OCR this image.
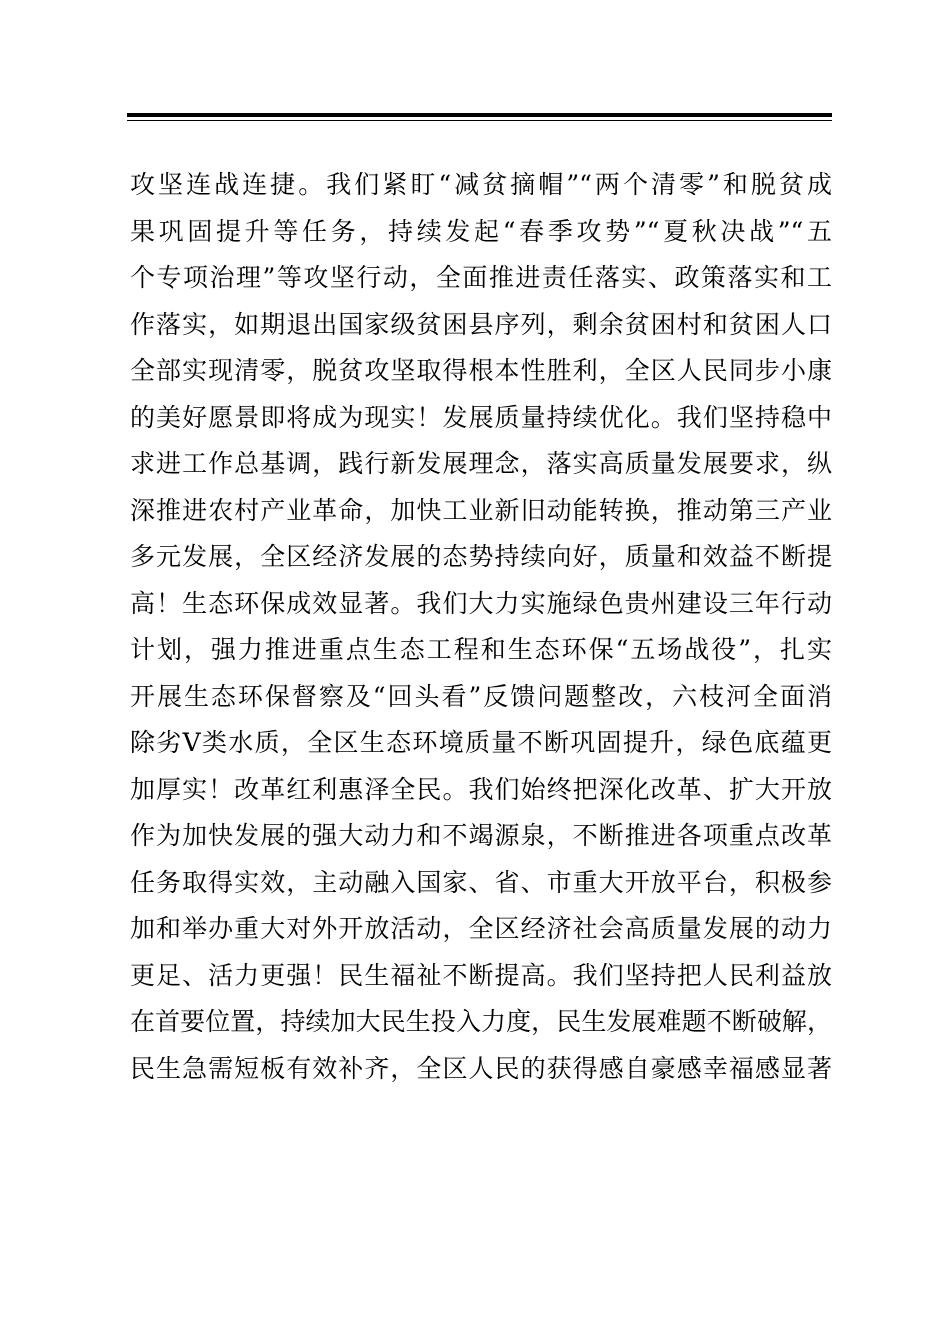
攻坚连战连捷。我们紧盯“减贫摘帽”“两个清零”和脱贫成
果巩固提升等任务，持续发起“春季攻势”“夏秋决战”“五
个专项治理”等攻坚行动，全面推进责任落实、政策落实和工
作落实，如期退出国家级贫困县序列，剩余贫困村和贫困人口
全部实现清零，脱贫攻坚取得根本性胜利，全区人民同步小康
的美好愿景即将成为现实！发展质量持续优化。我们坚持稳中
求进工作总基调，践行新发展理念，落实高质量发展要求，纵
深推进农村产业革命，加快工业新旧动能转换，推动第三产业
多元发展，全区经济发展的态势持续向好，质量和效益不断提
高！生态环保成效显著。我们大力实施绿色贵州建设三年行动
计划，强力推进重点生态工程和生态环保“五场战役”，扎实
开展生态环保督察及“回头看”反馈问题整改，六枝河全面消
除劣Ⅴ类水质，全区生态环境质量不断巩固提升，绿色底蕴更
加厚实！改革红利惠泽全民。我们始终把深化改革、扩大开放
作为加快发展的强大动力和不竭源泉，不断推进各项重点改革
任务取得实效，主动融入国家、省、市重大开放平台，积极参
加和举办重大对外开放活动，全区经济社会高质量发展的动力
更足、活力更强！民生福祉不断提高。我们坚持把人民利益放
在首要位置，持续加大民生投入力度，民生发展难题不断破解，
民生急需短板有效补齐，全区人民的获得感自豪感幸福感显著
